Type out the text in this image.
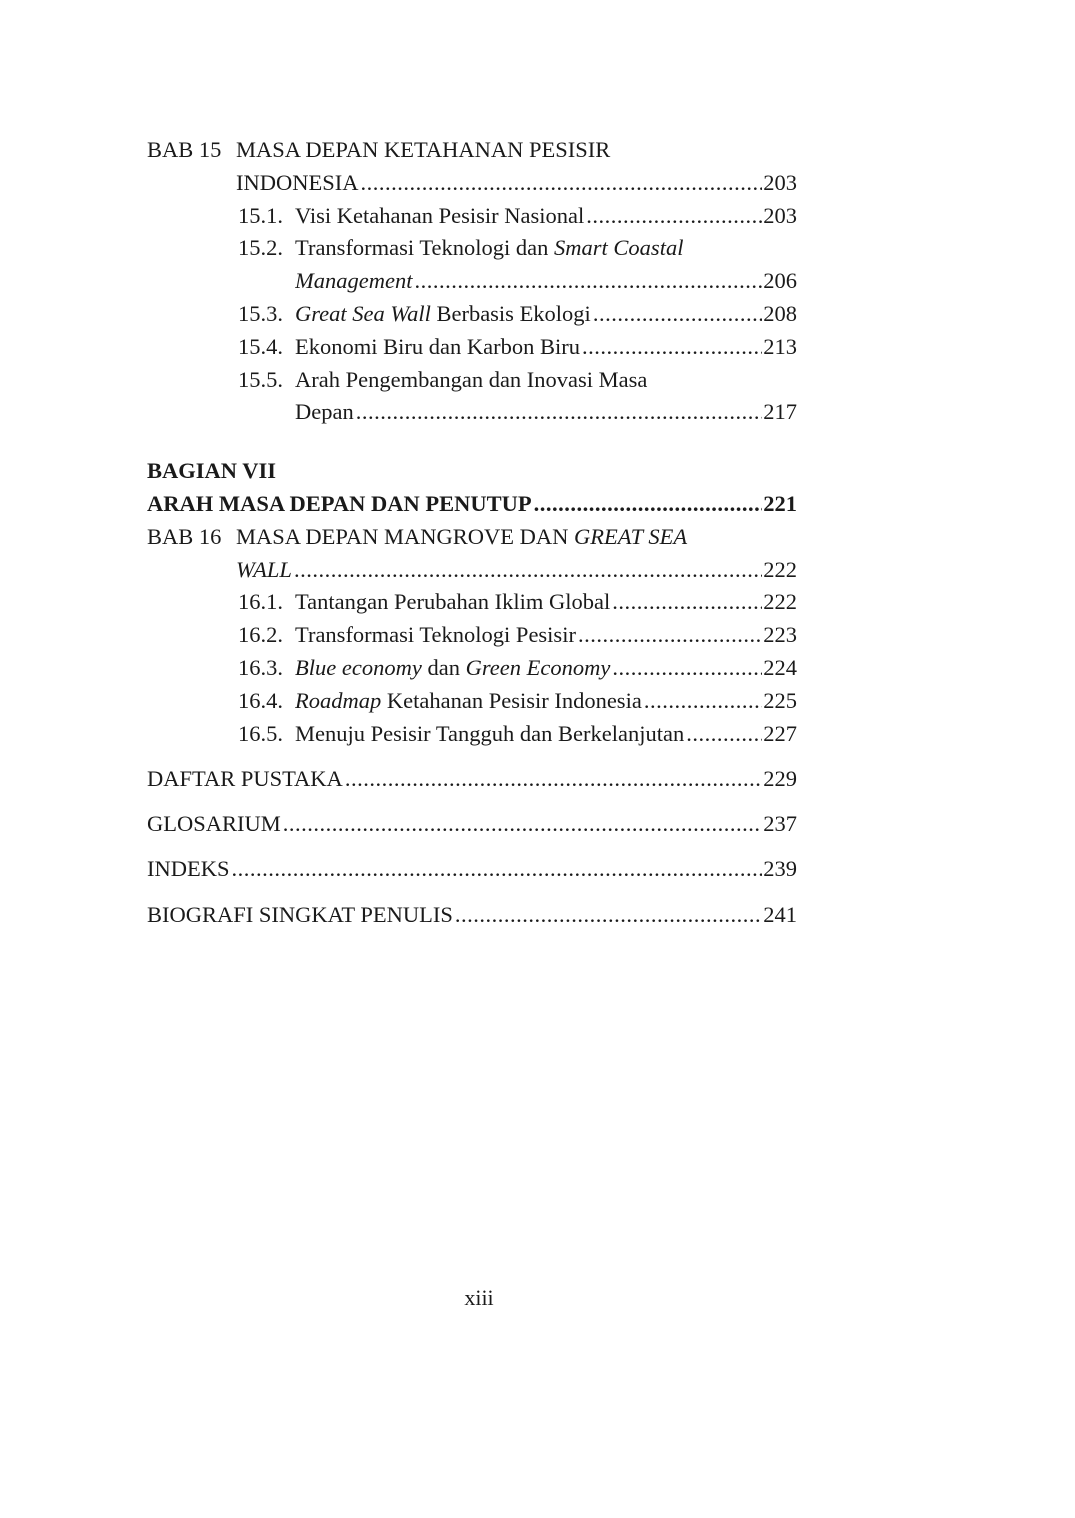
BAB 15 MASA DEPAN KETAHANAN PESISIR
INDONESIA .....	203
15.1. Visi Ketahanan Pesisir Nasional .....	203
15.2. Transformasi Teknologi dan Smart Coastal
Management .....	206
15.3. Great Sea Wall Berbasis Ekologi .....	208
15.4. Ekonomi Biru dan Karbon Biru .....	213
15.5. Arah Pengembangan dan Inovasi Masa
Depan .....	217
BAGIAN VII
ARAH MASA DEPAN DAN PENUTUP .....	221
BAB 16 MASA DEPAN MANGROVE DAN GREAT SEA
WALL .....	222
16.1. Tantangan Perubahan Iklim Global .....	222
16.2. Transformasi Teknologi Pesisir .....	223
16.3. Blue economy dan Green Economy .....	224
16.4. Roadmap Ketahanan Pesisir Indonesia .....	225
16.5. Menuju Pesisir Tangguh dan Berkelanjutan .....	227
DAFTAR PUSTAKA .....	229
GLOSARIUM .....	237
INDEKS .....	239
BIOGRAFI SINGKAT PENULIS .....	241
xiii
